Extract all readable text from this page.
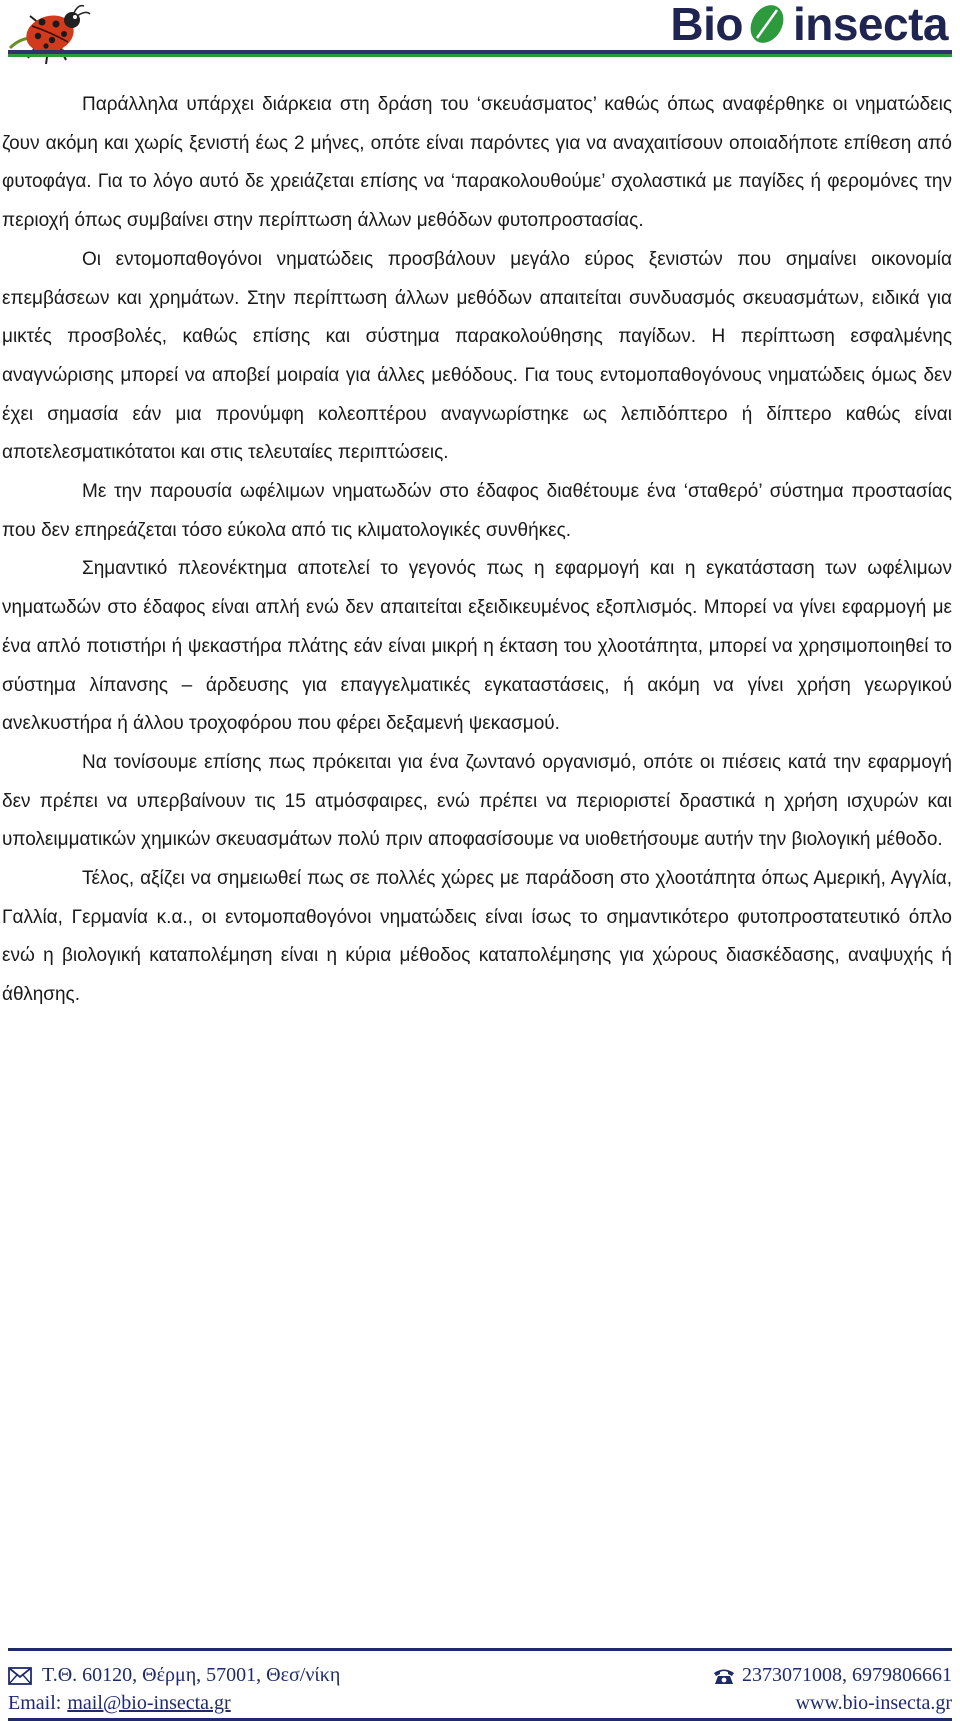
Bio insecta

Παράλληλα υπάρχει διάρκεια στη δράση του ‘σκευάσματος’ καθώς όπως αναφέρθηκε οι νηματώδεις ζουν ακόμη και χωρίς ξενιστή έως 2 μήνες, οπότε είναι παρόντες για να αναχαιτίσουν οποιαδήποτε επίθεση από φυτοφάγα. Για το λόγο αυτό δε χρειάζεται επίσης να ‘παρακολουθούμε’ σχολαστικά με παγίδες ή φερομόνες την περιοχή όπως συμβαίνει στην περίπτωση άλλων μεθόδων φυτοπροστασίας.

Οι εντομοπαθογόνοι νηματώδεις προσβάλουν μεγάλο εύρος ξενιστών που σημαίνει οικονομία επεμβάσεων και χρημάτων. Στην περίπτωση άλλων μεθόδων απαιτείται συνδυασμός σκευασμάτων, ειδικά για μικτές προσβολές, καθώς επίσης και σύστημα παρακολούθησης παγίδων. Η περίπτωση εσφαλμένης αναγνώρισης μπορεί να αποβεί μοιραία για άλλες μεθόδους. Για τους εντομοπαθογόνους νηματώδεις όμως δεν έχει σημασία εάν μια προνύμφη κολεοπτέρου αναγνωρίστηκε ως λεπιδόπτερο ή δίπτερο καθώς είναι αποτελεσματικότατοι και στις τελευταίες περιπτώσεις.

Με την παρουσία ωφέλιμων νηματωδών στο έδαφος διαθέτουμε ένα ‘σταθερό’ σύστημα προστασίας που δεν επηρεάζεται τόσο εύκολα από τις κλιματολογικές συνθήκες.

Σημαντικό πλεονέκτημα αποτελεί το γεγονός πως η εφαρμογή και η εγκατάσταση των ωφέλιμων νηματωδών στο έδαφος είναι απλή ενώ δεν απαιτείται εξειδικευμένος εξοπλισμός. Μπορεί να γίνει εφαρμογή με ένα απλό ποτιστήρι ή ψεκαστήρα πλάτης εάν είναι μικρή η έκταση του χλοοτάπητα, μπορεί να χρησιμοποιηθεί το σύστημα λίπανσης – άρδευσης για επαγγελματικές εγκαταστάσεις, ή ακόμη να γίνει χρήση γεωργικού ανελκυστήρα ή άλλου τροχοφόρου που φέρει δεξαμενή ψεκασμού.

Να τονίσουμε επίσης πως πρόκειται για ένα ζωντανό οργανισμό, οπότε οι πιέσεις κατά την εφαρμογή δεν πρέπει να υπερβαίνουν τις 15 ατμόσφαιρες, ενώ πρέπει να περιοριστεί δραστικά η χρήση ισχυρών και υπολειμματικών χημικών σκευασμάτων πολύ πριν αποφασίσουμε να υιοθετήσουμε αυτήν την βιολογική μέθοδο.

Τέλος, αξίζει να σημειωθεί πως σε πολλές χώρες με παράδοση στο χλοοτάπητα όπως Αμερική, Αγγλία, Γαλλία, Γερμανία κ.α., οι εντομοπαθογόνοι νηματώδεις είναι ίσως το σημαντικότερο φυτοπροστατευτικό όπλο ενώ η βιολογική καταπολέμηση είναι η κύρια μέθοδος καταπολέμησης για χώρους διασκέδασης, αναψυχής ή άθλησης.

Τ.Θ. 60120, Θέρμη, 57001, Θεσ/νίκη	2373071008, 6979806661
Email: mail@bio-insecta.gr	www.bio-insecta.gr
